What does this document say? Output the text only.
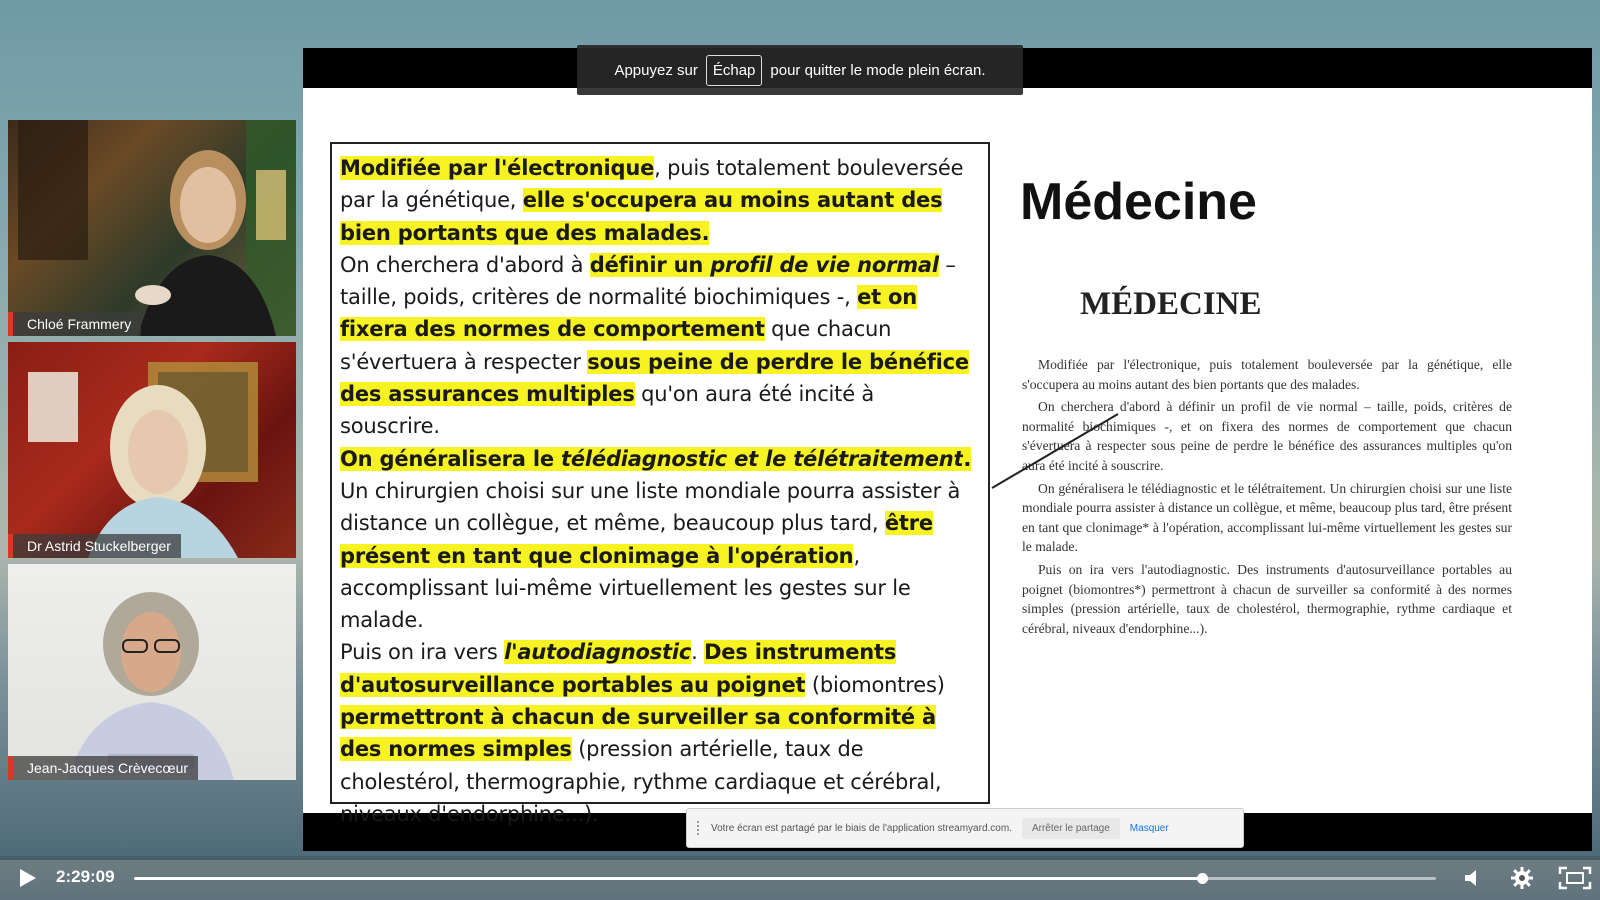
Modifiée par l'électronique, puis totalement bouleversée par la génétique, elle s'occupera au moins autant des bien portants que des malades.
On cherchera d'abord à définir un profil de vie normal – taille, poids, critères de normalité biochimiques -, et on fixera des normes de comportement que chacun s'évertuera à respecter sous peine de perdre le bénéfice des assurances multiples qu'on aura été incité à souscrire.
On généralisera le télédiagnostic et le télétraitement.
Un chirurgien choisi sur une liste mondiale pourra assister à distance un collègue, et même, beaucoup plus tard, être présent en tant que clonimage à l'opération, accomplissant lui-même virtuellement les gestes sur le malade.
Puis on ira vers l'autodiagnostic. Des instruments d'autosurveillance portables au poignet (biomontres) permettront à chacun de surveiller sa conformité à des normes simples (pression artérielle, taux de cholestérol, thermographie, rythme cardiaque et cérébral, niveaux d'endorphine...).
Médecine
MÉDECINE

Modifiée par l'électronique, puis totalement bouleversée par la génétique, elle s'occupera au moins autant des bien portants que des malades.

On cherchera d'abord à définir un profil de vie normal – taille, poids, critères de normalité biochimiques -, et on fixera des normes de comportement que chacun s'évertuera à respecter sous peine de perdre le bénéfice des assurances multiples qu'on aura été incité à souscrire.

On généralisera le télédiagnostic et le télétraitement. Un chirurgien choisi sur une liste mondiale pourra assister à distance un collègue, et même, beaucoup plus tard, être présent en tant que clonimage* à l'opération, accomplissant lui-même virtuellement les gestes sur le malade.

Puis on ira vers l'autodiagnostic. Des instruments d'autosurveillance portables au poignet (biomontres*) permettront à chacun de surveiller sa conformité à des normes simples (pression artérielle, taux de cholestérol, thermographie, rythme cardiaque et cérébral, niveaux d'endorphine...).

Appuyez sur	Échap	pour quitter le mode plein écran.
Votre écran est partagé par le biais de l'application streamyard.com.	Arrêter le partage	Masquer
Chloé Frammery
Dr Astrid Stuckelberger
Jean-Jacques Crèvecœur
2:29:09
